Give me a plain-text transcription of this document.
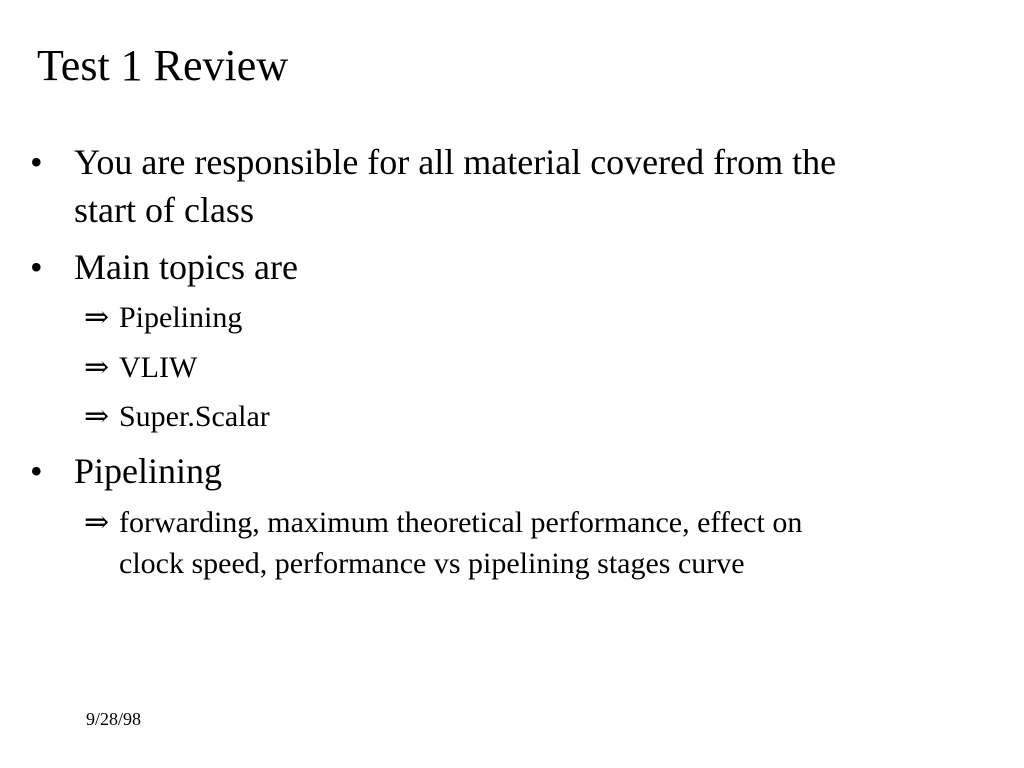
Test 1 Review
• You are responsible for all material covered from the
start of class
• Main topics are
⇒ Pipelining
⇒ VLIW
⇒ Super.Scalar
• Pipelining
⇒ forwarding, maximum theoretical performance, effect on
clock speed, performance vs pipelining stages curve
9/28/98
